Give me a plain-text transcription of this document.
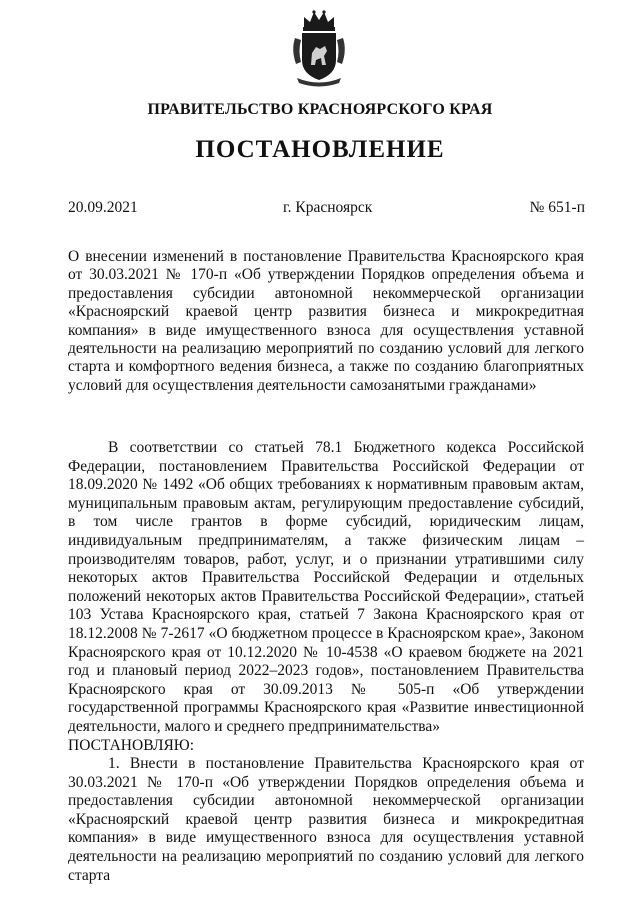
ПРАВИТЕЛЬСТВО КРАСНОЯРСКОГО КРАЯ
ПОСТАНОВЛЕНИЕ
20.09.2021	г. Красноярск	№ 651-п
О внесении изменений в постановление Правительства Красноярского края от 30.03.2021 № 170-п «Об утверждении Порядков определения объема и предоставления субсидии автономной некоммерческой организации «Красноярский краевой центр развития бизнеса и микрокредитная компания» в виде имущественного взноса для осуществления уставной деятельности на реализацию мероприятий по созданию условий для легкого старта и комфортного ведения бизнеса, а также по созданию благоприятных условий для осуществления деятельности самозанятыми гражданами»

В соответствии со статьей 78.1 Бюджетного кодекса Российской Федерации, постановлением Правительства Российской Федерации от 18.09.2020 № 1492 «Об общих требованиях к нормативным правовым актам, муниципальным правовым актам, регулирующим предоставление субсидий, в том числе грантов в форме субсидий, юридическим лицам, индивидуальным предпринимателям, а также физическим лицам – производителям товаров, работ, услуг, и о признании утратившими силу некоторых актов Правительства Российской Федерации и отдельных положений некоторых актов Правительства Российской Федерации», статьей 103 Устава Красноярского края, статьей 7 Закона Красноярского края от 18.12.2008 № 7-2617 «О бюджетном процессе в Красноярском крае», Законом Красноярского края от 10.12.2020 № 10-4538 «О краевом бюджете на 2021 год и плановый период 2022–2023 годов», постановлением Правительства Красноярского края от 30.09.2013 № 505-п «Об утверждении государственной программы Красноярского края «Развитие инвестиционной деятельности, малого и среднего предпринимательства»

ПОСТАНОВЛЯЮ:

1. Внести в постановление Правительства Красноярского края от 30.03.2021 № 170-п «Об утверждении Порядков определения объема и предоставления субсидии автономной некоммерческой организации «Красноярский краевой центр развития бизнеса и микрокредитная компания» в виде имущественного взноса для осуществления уставной деятельности на реализацию мероприятий по созданию условий для легкого старта
